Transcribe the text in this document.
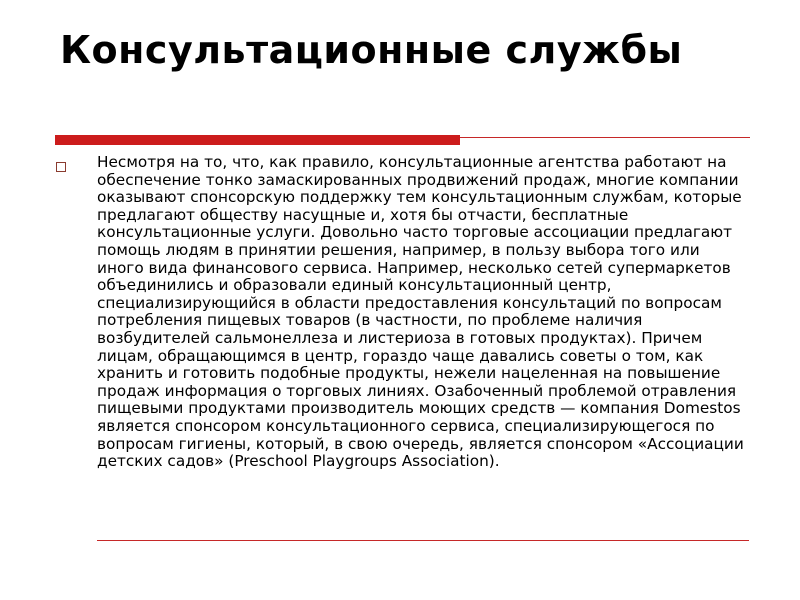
Консультационные службы

Несмотря на то, что, как правило, консультационные агентства работают на обеспечение тонко замаскированных продвижений продаж, многие компании оказывают спонсорскую поддержку тем консультационным службам, которые предлагают обществу насущные и, хотя бы отчасти, бесплатные консультационные услуги. Довольно часто торговые ассоциации предлагают помощь людям в принятии решения, например, в пользу выбора того или иного вида финансового сервиса. Например, несколько сетей супермаркетов объединились и образовали единый консультационный центр, специализирующийся в области предоставления консультаций по вопросам потребления пищевых товаров (в частности, по проблеме наличия возбудителей сальмонеллеза и листериоза в готовых продуктах). Причем лицам, обращающимся в центр, гораздо чаще давались советы о том, как хранить и готовить подобные продукты, нежели нацеленная на повышение продаж информация о торговых линиях. Озабоченный проблемой отравления пищевыми продуктами производитель моющих средств — компания Domestos является спонсором консультационного сервиса, специализирующегося по вопросам гигиены, который, в свою очередь, является спонсором «Ассоциации детских садов» (Preschool Playgroups Association).
